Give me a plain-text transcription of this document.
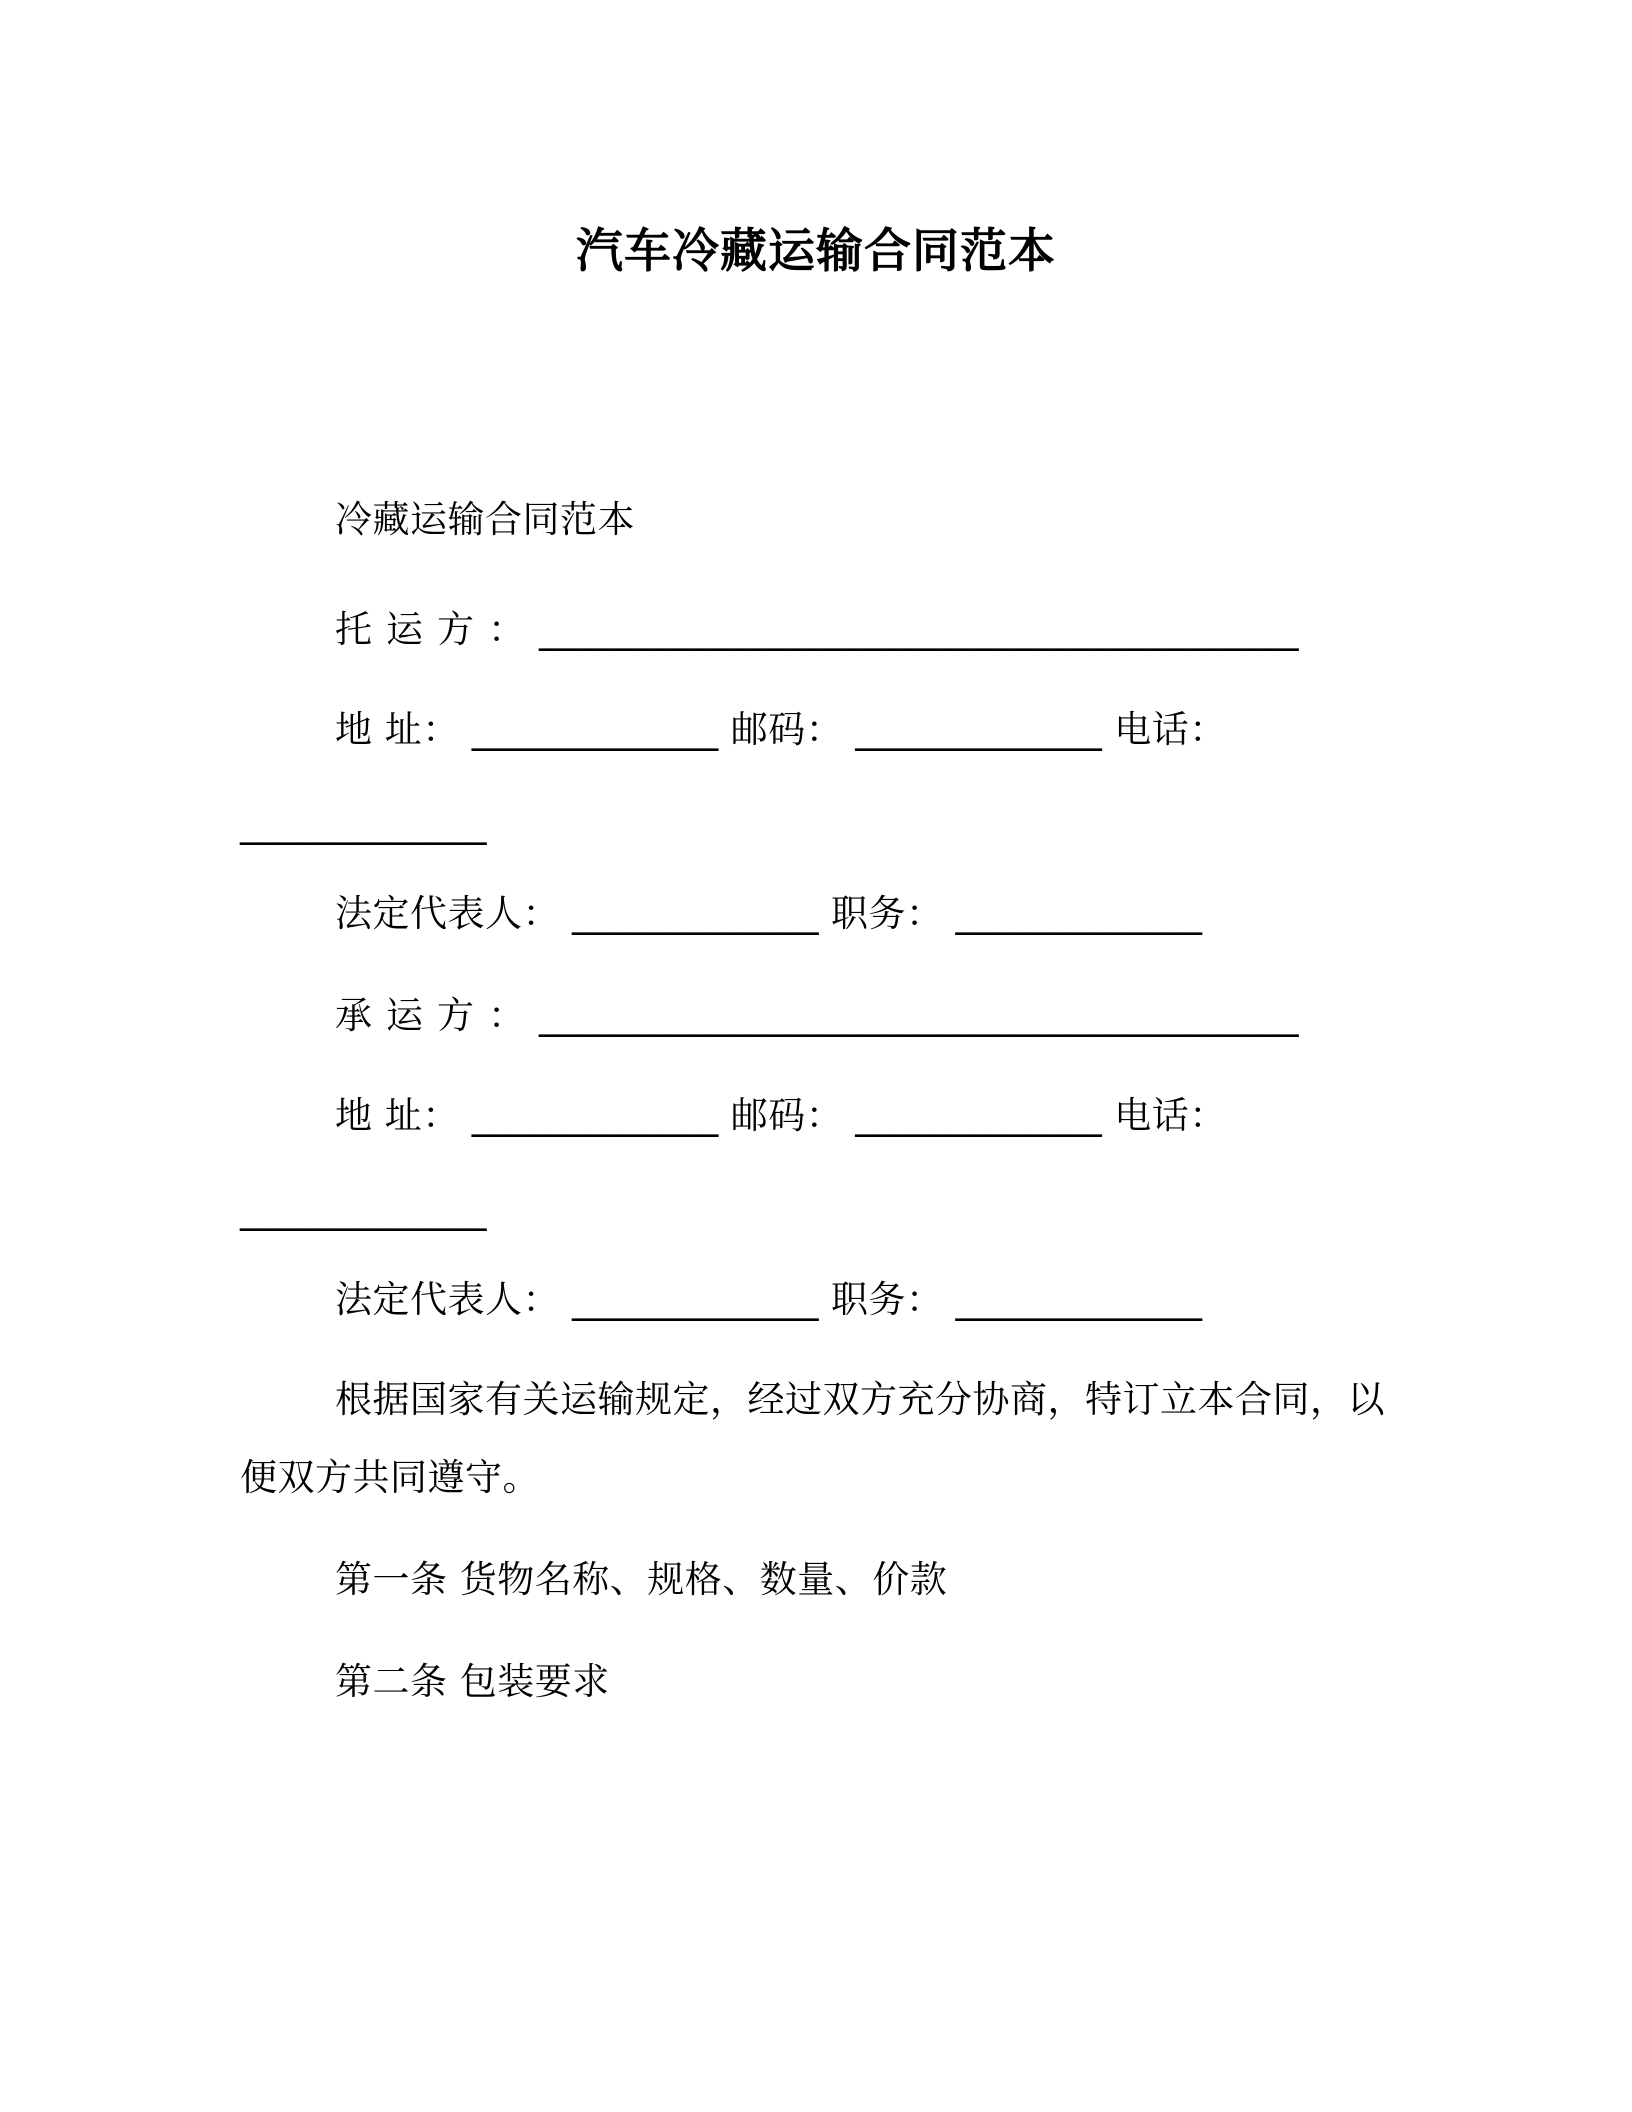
汽车冷藏运输合同范本
冷藏运输合同范本
托运方：________________________________________
地 址： _____________ 邮码： _____________ 电话：
_____________
法定代表人： _____________ 职务： _____________
承运方：________________________________________
地 址： _____________ 邮码： _____________ 电话：
_____________
法定代表人： _____________ 职务： _____________
根据国家有关运输规定，经过双方充分协商，特订立本合同，以
便双方共同遵守。
第一条 货物名称、规格、数量、价款
第二条 包装要求
